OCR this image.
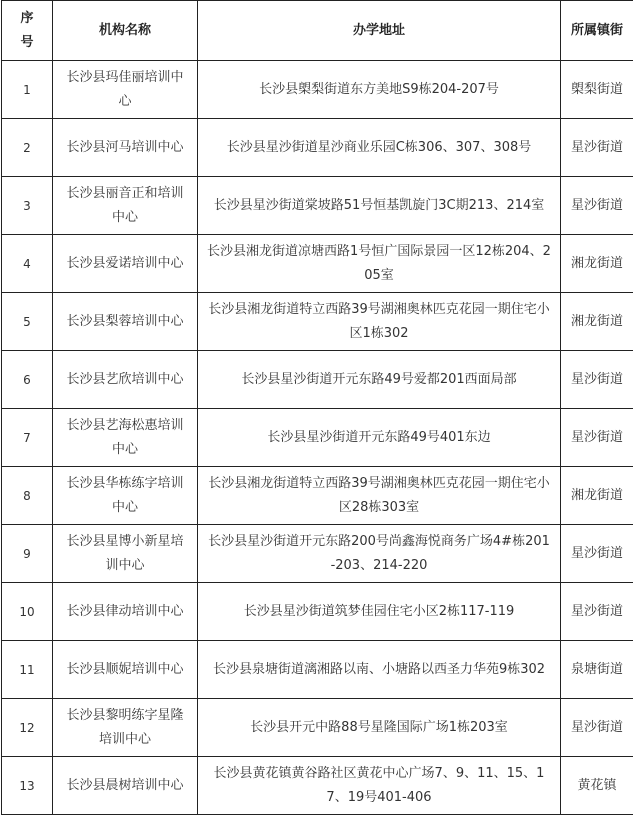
序号	机构名称	办学地址	所属镇街
1	长沙县玛佳丽培训中心	长沙县㮾梨街道东方美地S9栋204-207号	㮾梨街道
2	长沙县河马培训中心	长沙县星沙街道星沙商业乐园C栋306、307、308号	星沙街道
3	长沙县丽音正和培训中心	长沙县星沙街道棠坡路51号恒基凯旋门3C期213、214室	星沙街道
4	长沙县爱诺培训中心	长沙县湘龙街道凉塘西路1号恒广国际景园一区12栋204、205室	湘龙街道
5	长沙县梨蓉培训中心	长沙县湘龙街道特立西路39号湖湘奥林匹克花园一期住宅小区1栋302	湘龙街道
6	长沙县艺欣培训中心	长沙县星沙街道开元东路49号爱都201西面局部	星沙街道
7	长沙县艺海松惠培训中心	长沙县星沙街道开元东路49号401东边	星沙街道
8	长沙县华栋练字培训中心	长沙县湘龙街道特立西路39号湖湘奥林匹克花园一期住宅小区28栋303室	湘龙街道
9	长沙县星博小新星培训中心	长沙县星沙街道开元东路200号尚鑫海悦商务广场4#栋201-203、214-220	星沙街道
10	长沙县律动培训中心	长沙县星沙街道筑梦佳园住宅小区2栋117-119	星沙街道
11	长沙县顺妮培训中心	长沙县泉塘街道漓湘路以南、小塘路以西圣力华苑9栋302	泉塘街道
12	长沙县黎明练字星隆培训中心	长沙县开元中路88号星隆国际广场1栋203室	星沙街道
13	长沙县晨树培训中心	长沙县黄花镇黄谷路社区黄花中心广场7、9、11、15、17、19号401-406	黄花镇
